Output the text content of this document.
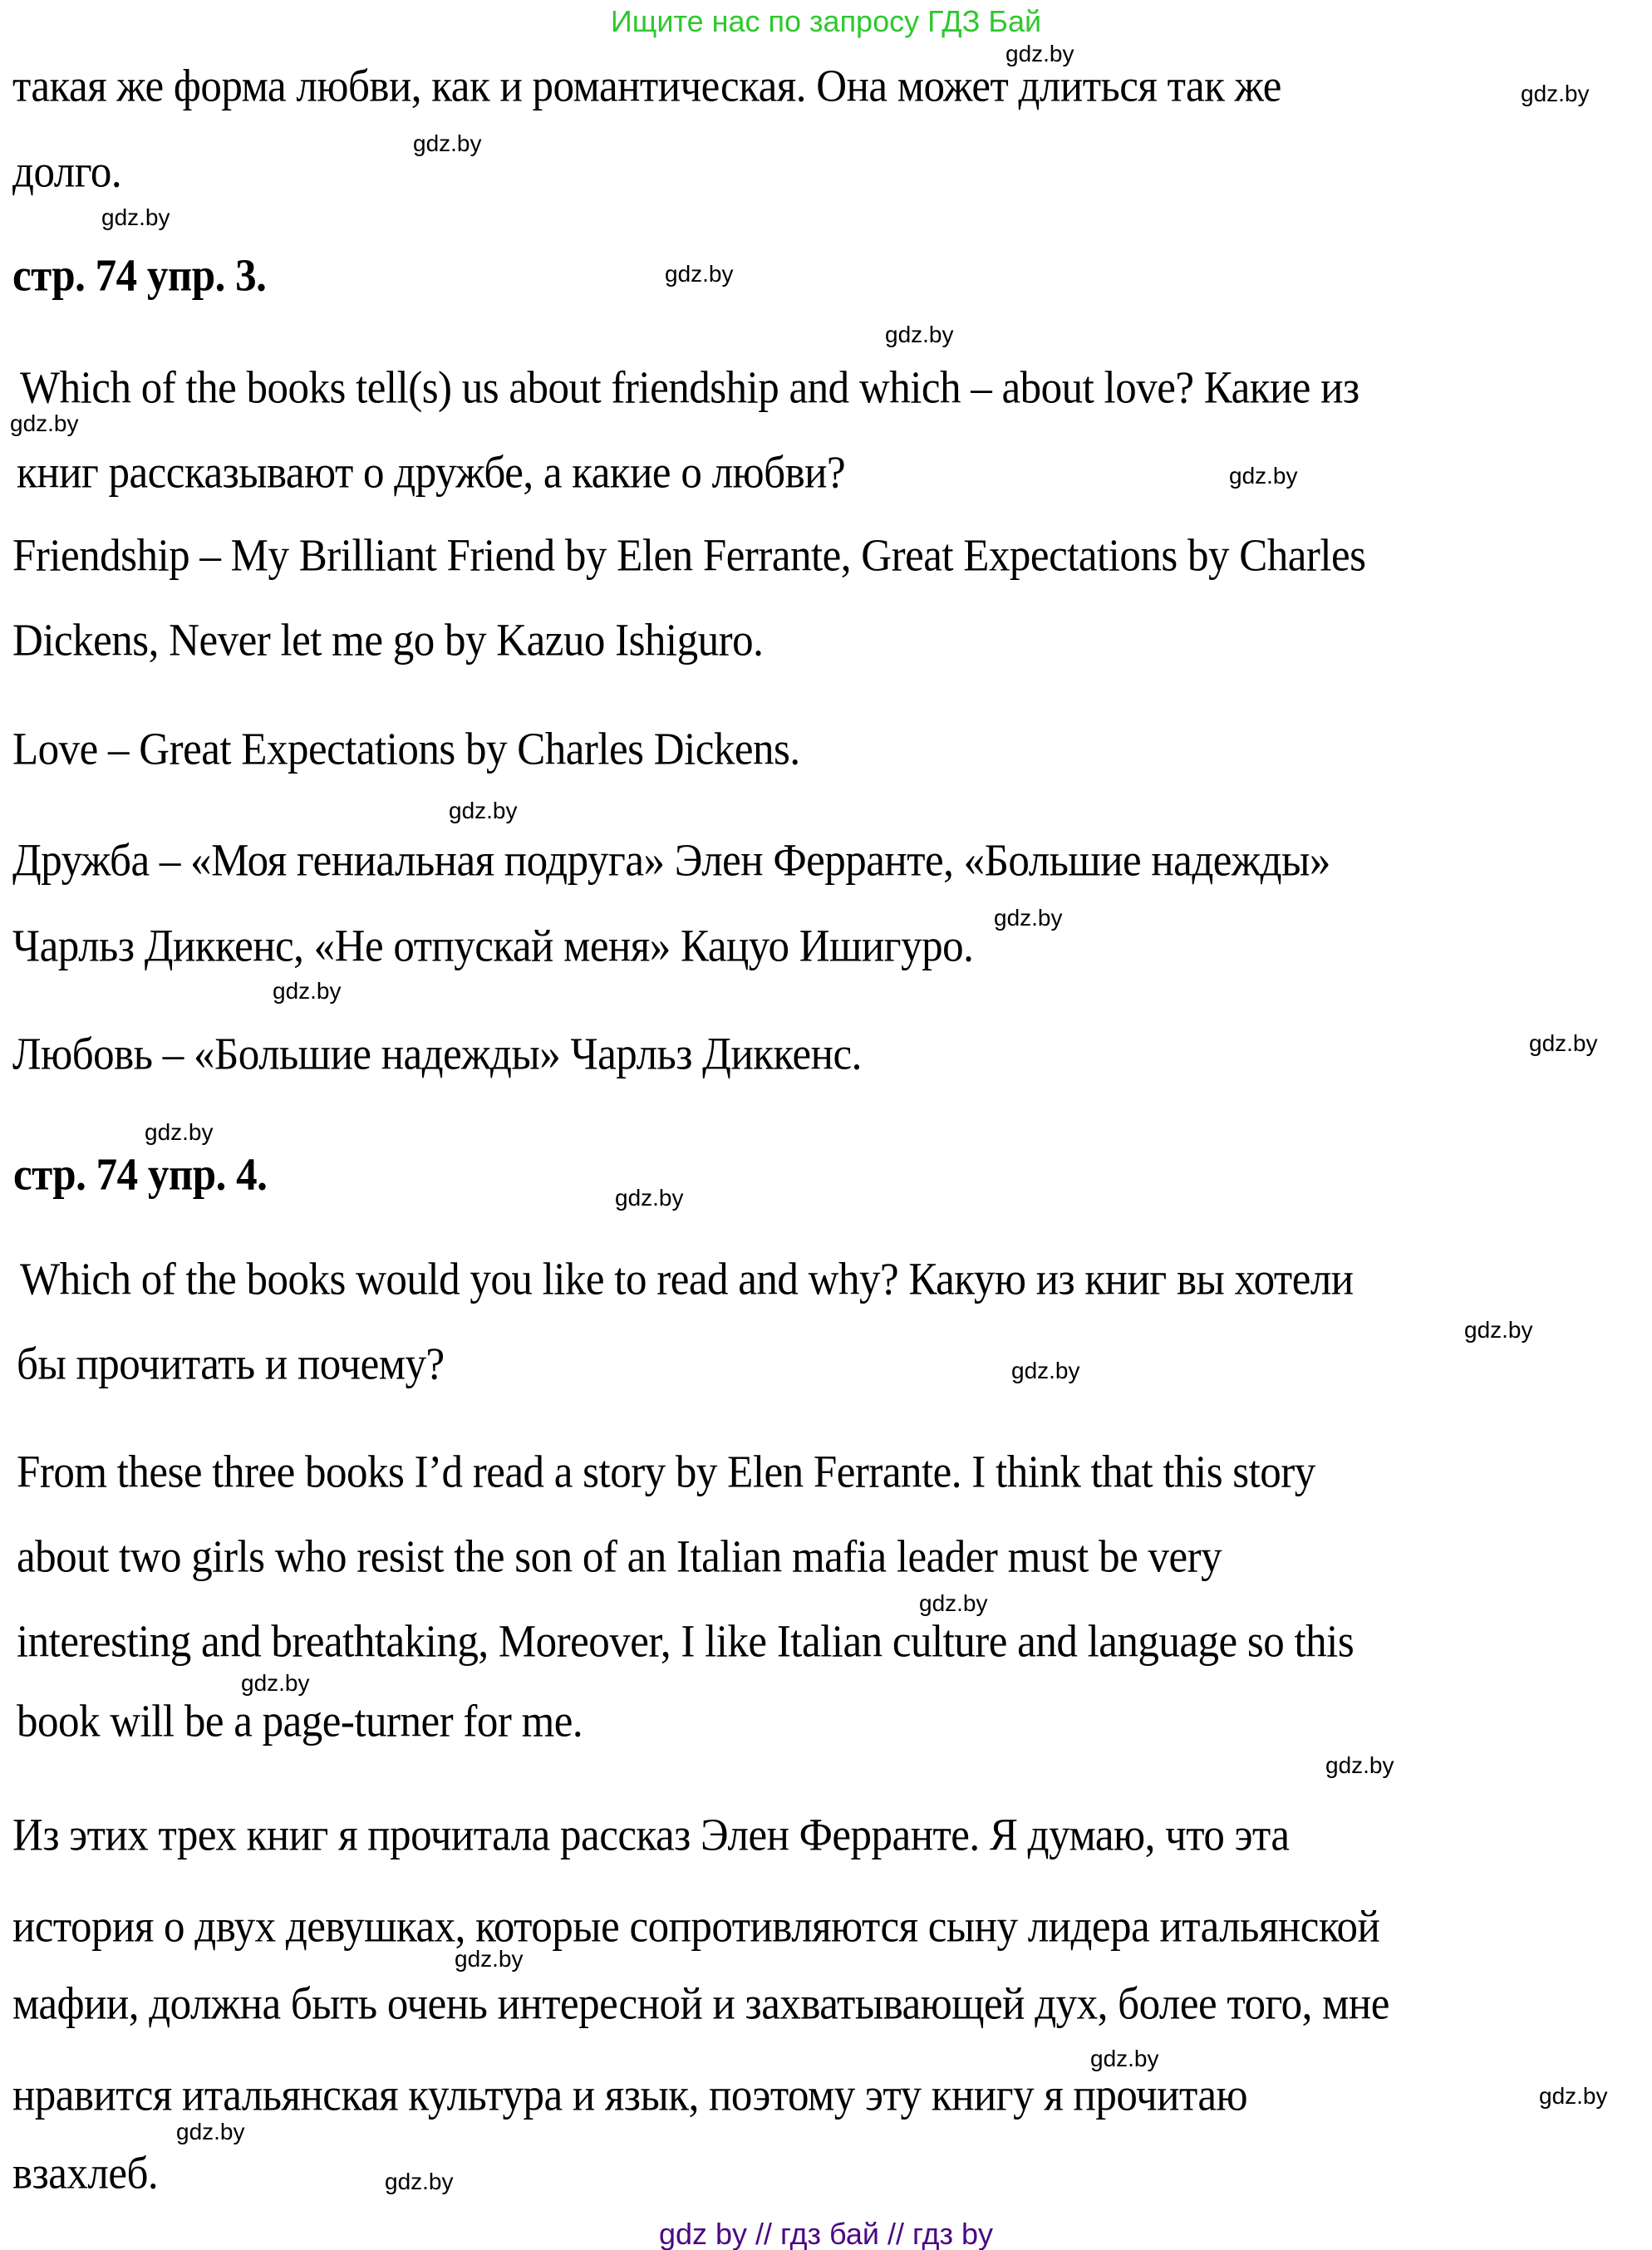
Ищите нас по запросу ГДЗ Бай
gdz.by
gdz.by
gdz.by
gdz.by
gdz.by
gdz.by
gdz.by
gdz.by
gdz.by
gdz.by
gdz.by
gdz.by
gdz.by
gdz.by
gdz.by
gdz.by
gdz.by
gdz.by
gdz.by
gdz.by
gdz.by
gdz.by
gdz.by
gdz.by
такая же форма любви, как и романтическая. Она может длиться так же
долго.
стр. 74 упр. 3.
Which of the books tell(s) us about friendship and which – about love? Какие из
книг рассказывают о дружбе, а какие о любви?
Friendship – My Brilliant Friend by Elen Ferrante, Great Expectations by Charles
Dickens, Never let me go by Kazuo Ishiguro.
Love – Great Expectations by Charles Dickens.
Дружба – «Моя гениальная подруга» Элен Ферранте, «Большие надежды»
Чарльз Диккенс, «Не отпускай меня» Кацуо Ишигуро.
Любовь – «Большие надежды» Чарльз Диккенс.
стр. 74 упр. 4.
Which of the books would you like to read and why? Какую из книг вы хотели
бы прочитать и почему?
From these three books I’d read a story by Elen Ferrante. I think that this story
about two girls who resist the son of an Italian mafia leader must be very
interesting and breathtaking, Moreover, I like Italian culture and language so this
book will be a page-turner for me.
Из этих трех книг я прочитала рассказ Элен Ферранте. Я думаю, что эта
история о двух девушках, которые сопротивляются сыну лидера итальянской
мафии, должна быть очень интересной и захватывающей дух, более того, мне
нравится итальянская культура и язык, поэтому эту книгу я прочитаю
взахлеб.
gdz by // гдз бай // гдз by
